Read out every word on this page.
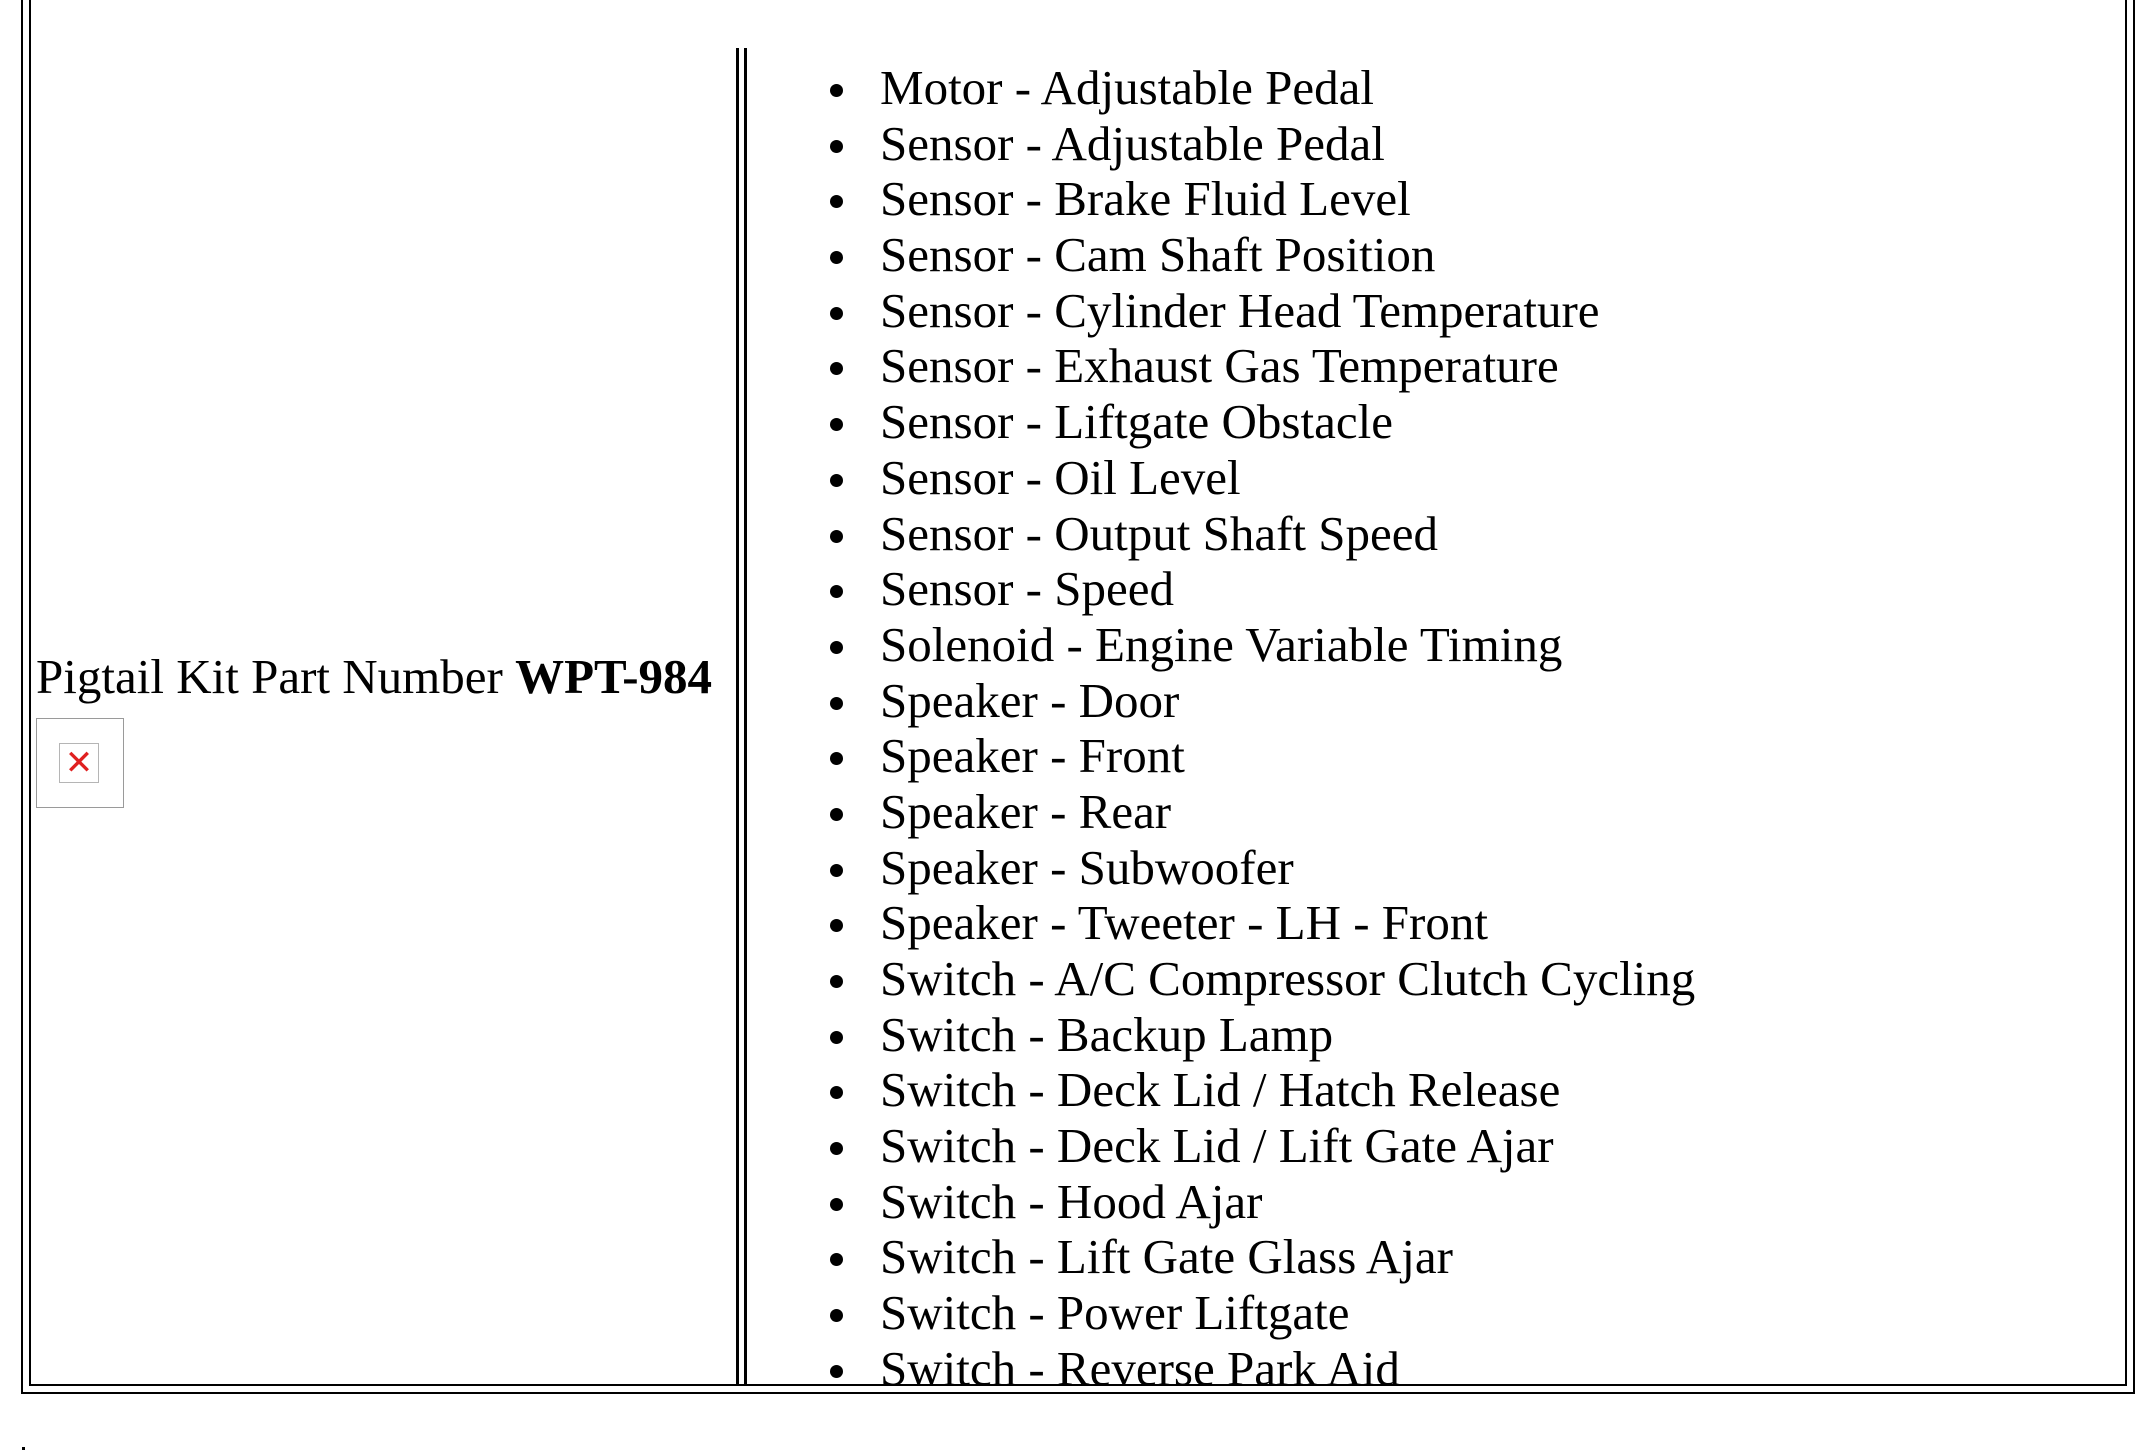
Pigtail Kit Part Number WPT-984
✕
Motor - Adjustable Pedal
Sensor - Adjustable Pedal
Sensor - Brake Fluid Level
Sensor - Cam Shaft Position
Sensor - Cylinder Head Temperature
Sensor - Exhaust Gas Temperature
Sensor - Liftgate Obstacle
Sensor - Oil Level
Sensor - Output Shaft Speed
Sensor - Speed
Solenoid - Engine Variable Timing
Speaker - Door
Speaker - Front
Speaker - Rear
Speaker - Subwoofer
Speaker - Tweeter - LH - Front
Switch - A/C Compressor Clutch Cycling
Switch - Backup Lamp
Switch - Deck Lid / Hatch Release
Switch - Deck Lid / Lift Gate Ajar
Switch - Hood Ajar
Switch - Lift Gate Glass Ajar
Switch - Power Liftgate
Switch - Reverse Park Aid
